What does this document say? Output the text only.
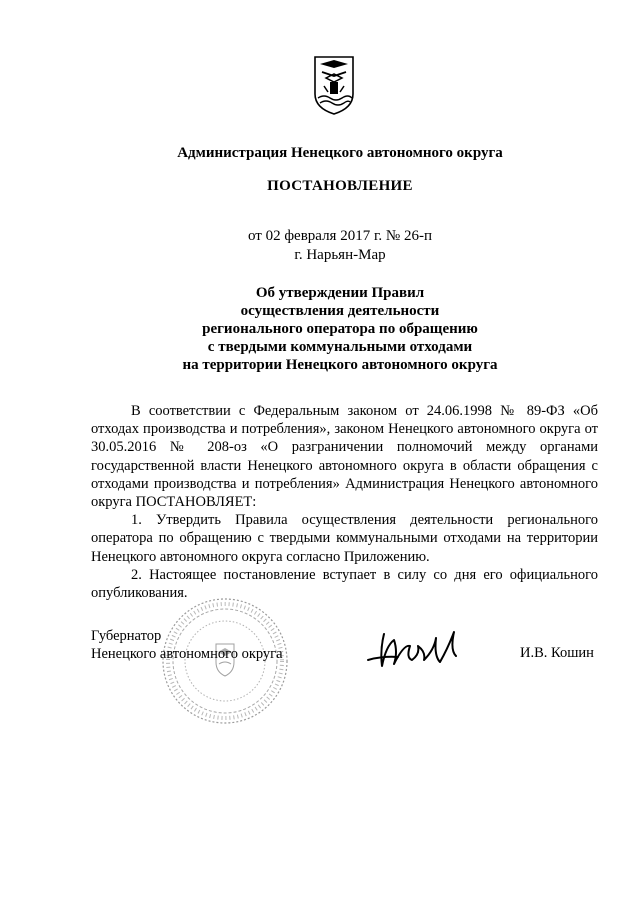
Администрация Ненецкого автономного округа
ПОСТАНОВЛЕНИЕ
от 02 февраля 2017 г. № 26-п
г. Нарьян-Мар
Об утверждении Правил
осуществления деятельности
регионального оператора по обращению
с твердыми коммунальными отходами
на территории Ненецкого автономного округа

В соответствии с Федеральным законом от 24.06.1998 № 89-ФЗ «Об отходах производства и потребления», законом Ненецкого автономного округа от 30.05.2016 № 208-оз «О разграничении полномочий между органами государственной власти Ненецкого автономного округа в области обращения с отходами производства и потребления» Администрация Ненецкого автономного округа ПОСТАНОВЛЯЕТ:

1. Утвердить Правила осуществления деятельности регионального оператора по обращению с твердыми коммунальными отходами на территории Ненецкого автономного округа согласно Приложению.

2. Настоящее постановление вступает в силу со дня его официального опубликования.

Губернатор
Ненецкого автономного округа	И.В. Кошин
